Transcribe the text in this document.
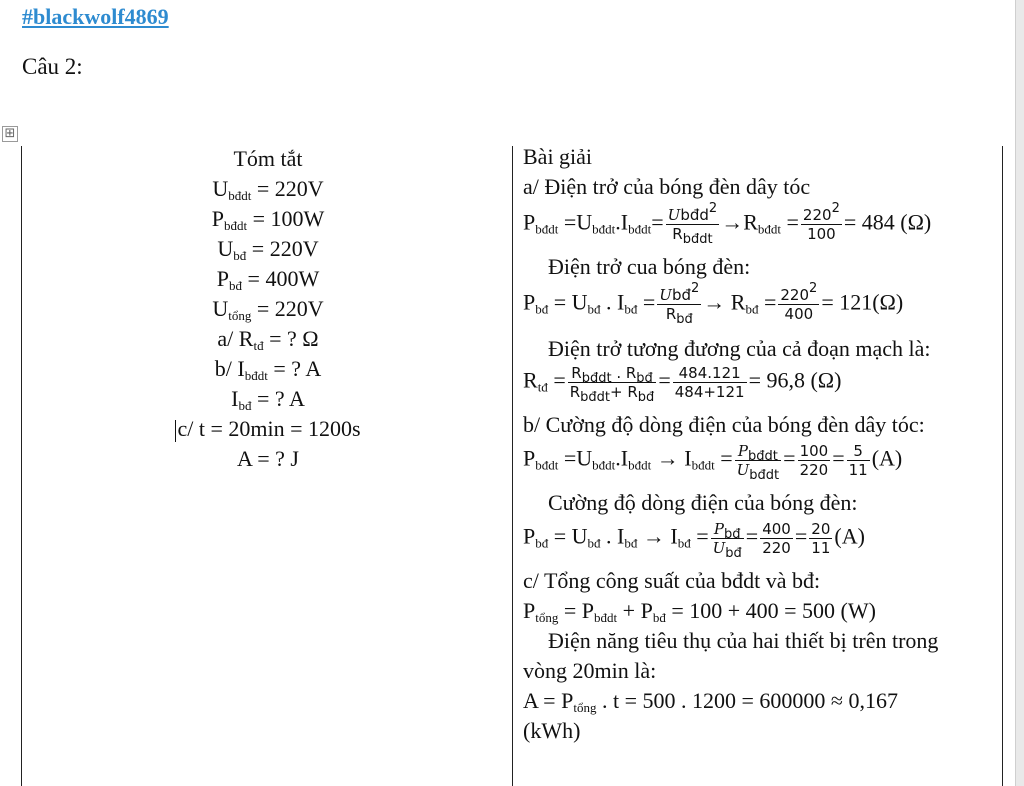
#blackwolf4869
Câu 2:
⊞
Tóm tắt
$U_{bđdt} = 220V$
$P_{bđdt} = 100W$
$U_{bđ} = 220V$
$P_{bđ} = 400W$
$U_{tổng} = 220V$
a/ $R_{tđ}$ = ? Ω
b/ $I_{bđdt}$ = ? A
$I_{bđ}$ = ? A
c/ t = 20min = 1200s
A = ? J
Bài giải
a/ Điện trở của bóng đèn dây tóc
$P_{bđdt} =U_{bđdt}.I_{bđdt}= \frac{Ubđd^2}{R_{bđdt}} \to R_{bđdt} = \frac{220^2}{100} = 484$ (Ω)
Điện trở cua bóng đèn:
$P_{bđ} = U_{bđ}$ . $I_{bđ} = \frac{Ubđ^2}{R_{bđ}} \to R_{bđ} = \frac{220^2}{400} = 121(\Omega)$
Điện trở tương đương của cả đoạn mạch là:
$R_{tđ} = \frac{R_{bđdt} . R_{bđ}}{R_{bđdt}+ R_{bđ}} = \frac{484.121}{484+121} = 96,8$ (Ω)
b/ Cường độ dòng điện của bóng đèn dây tóc:
$P_{bđdt} =U_{bđdt}.I_{bđdt} \to I_{bđdt} = \frac{P_{bđdt}}{U_{bđdt}} = \frac{100}{220} = \frac{5}{11} (A)$
Cường độ dòng điện của bóng đèn:
$P_{bđ} = U_{bđ}$ . $I_{bđ} \to I_{bđ} = \frac{P_{bđ}}{U_{bđ}} = \frac{400}{220} = \frac{20}{11} (A)$
c/ Tổng công suất của bđdt và bđ:
$P_{tổng} = P_{bđdt} + P_{bđ} = 100 + 400 = 500$ (W)
Điện năng tiêu thụ của hai thiết bị trên trong
vòng 20min là:
$A = P_{tổng}$ . t = 500 . 1200 = 600000 ≈ 0,167
(kWh)
